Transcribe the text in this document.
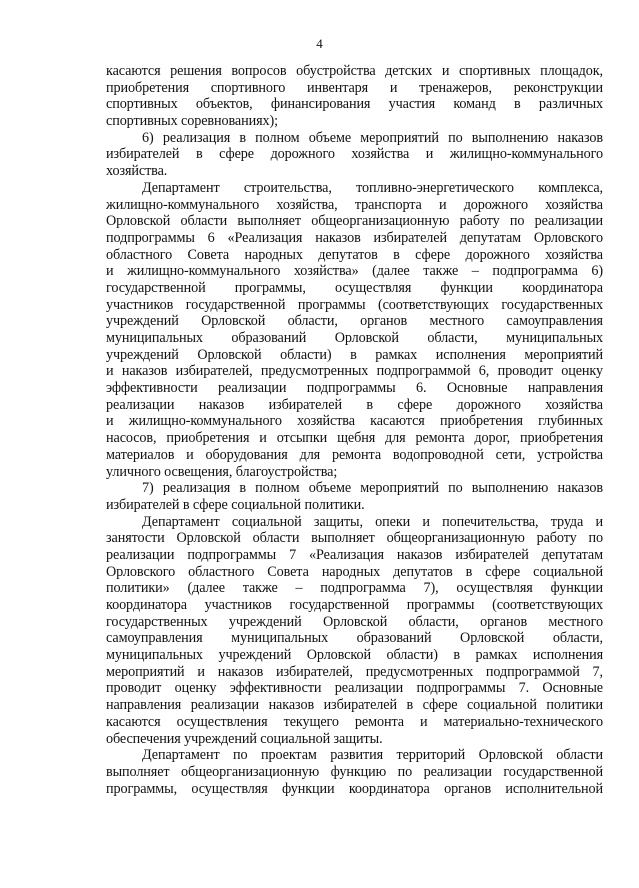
4
касаются решения вопросов обустройства детских и спортивных площадок,
приобретения спортивного инвентаря и тренажеров, реконструкции
спортивных объектов, финансирования участия команд в различных
спортивных соревнованиях);
6) реализация в полном объеме мероприятий по выполнению наказов
избирателей в сфере дорожного хозяйства и жилищно-коммунального
хозяйства.
Департамент строительства, топливно-энергетического комплекса,
жилищно-коммунального хозяйства, транспорта и дорожного хозяйства
Орловской области выполняет общеорганизационную работу по реализации
подпрограммы 6 «Реализация наказов избирателей депутатам Орловского
областного Совета народных депутатов в сфере дорожного хозяйства
и жилищно-коммунального хозяйства» (далее также – подпрограмма 6)
государственной программы, осуществляя функции координатора
участников государственной программы (соответствующих государственных
учреждений Орловской области, органов местного самоуправления
муниципальных образований Орловской области, муниципальных
учреждений Орловской области) в рамках исполнения мероприятий
и наказов избирателей, предусмотренных подпрограммой 6, проводит оценку
эффективности реализации подпрограммы 6. Основные направления
реализации наказов избирателей в сфере дорожного хозяйства
и жилищно-коммунального хозяйства касаются приобретения глубинных
насосов, приобретения и отсыпки щебня для ремонта дорог, приобретения
материалов и оборудования для ремонта водопроводной сети, устройства
уличного освещения, благоустройства;
7) реализация в полном объеме мероприятий по выполнению наказов
избирателей в сфере социальной политики.
Департамент социальной защиты, опеки и попечительства, труда и
занятости Орловской области выполняет общеорганизационную работу по
реализации подпрограммы 7 «Реализация наказов избирателей депутатам
Орловского областного Совета народных депутатов в сфере социальной
политики» (далее также – подпрограмма 7), осуществляя функции
координатора участников государственной программы (соответствующих
государственных учреждений Орловской области, органов местного
самоуправления муниципальных образований Орловской области,
муниципальных учреждений Орловской области) в рамках исполнения
мероприятий и наказов избирателей, предусмотренных подпрограммой 7,
проводит оценку эффективности реализации подпрограммы 7. Основные
направления реализации наказов избирателей в сфере социальной политики
касаются осуществления текущего ремонта и материально-технического
обеспечения учреждений социальной защиты.
Департамент по проектам развития территорий Орловской области
выполняет общеорганизационную функцию по реализации государственной
программы, осуществляя функции координатора органов исполнительной
